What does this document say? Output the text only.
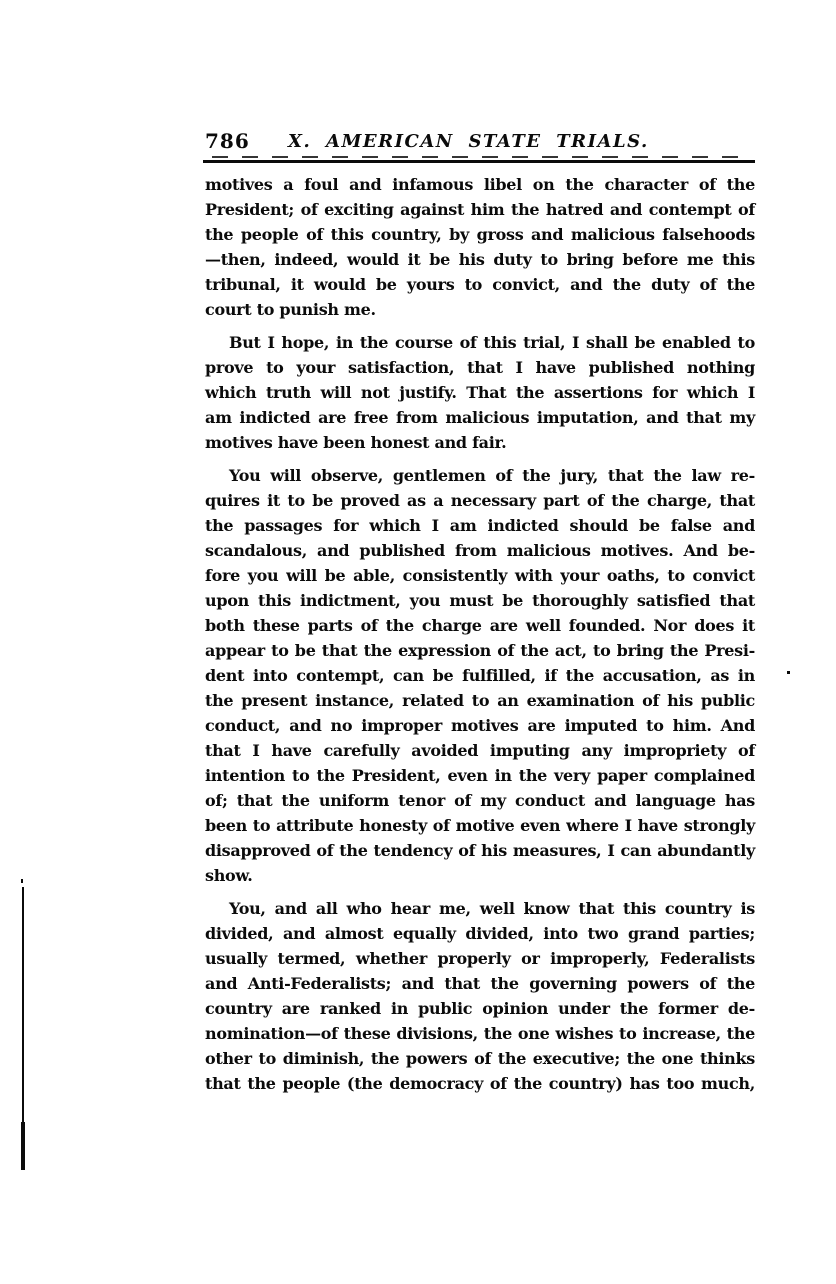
786 X. AMERICAN STATE TRIALS.
motives a foul and infamous libel on the character of the
President; of exciting against him the hatred and contempt of
the people of this country, by gross and malicious falsehoods
—then, indeed, would it be his duty to bring before me this
tribunal, it would be yours to convict, and the duty of the
court to punish me.
But I hope, in the course of this trial, I shall be enabled to
prove to your satisfaction, that I have published nothing
which truth will not justify. That the assertions for which I
am indicted are free from malicious imputation, and that my
motives have been honest and fair.
You will observe, gentlemen of the jury, that the law re-
quires it to be proved as a necessary part of the charge, that
the passages for which I am indicted should be false and
scandalous, and published from malicious motives. And be-
fore you will be able, consistently with your oaths, to convict
upon this indictment, you must be thoroughly satisfied that
both these parts of the charge are well founded. Nor does it
appear to be that the expression of the act, to bring the Presi-
dent into contempt, can be fulfilled, if the accusation, as in
the present instance, related to an examination of his public
conduct, and no improper motives are imputed to him. And
that I have carefully avoided imputing any impropriety of
intention to the President, even in the very paper complained
of; that the uniform tenor of my conduct and language has
been to attribute honesty of motive even where I have strongly
disapproved of the tendency of his measures, I can abundantly
show.
You, and all who hear me, well know that this country is
divided, and almost equally divided, into two grand parties;
usually termed, whether properly or improperly, Federalists
and Anti-Federalists; and that the governing powers of the
country are ranked in public opinion under the former de-
nomination—of these divisions, the one wishes to increase, the
other to diminish, the powers of the executive; the one thinks
that the people (the democracy of the country) has too much,
